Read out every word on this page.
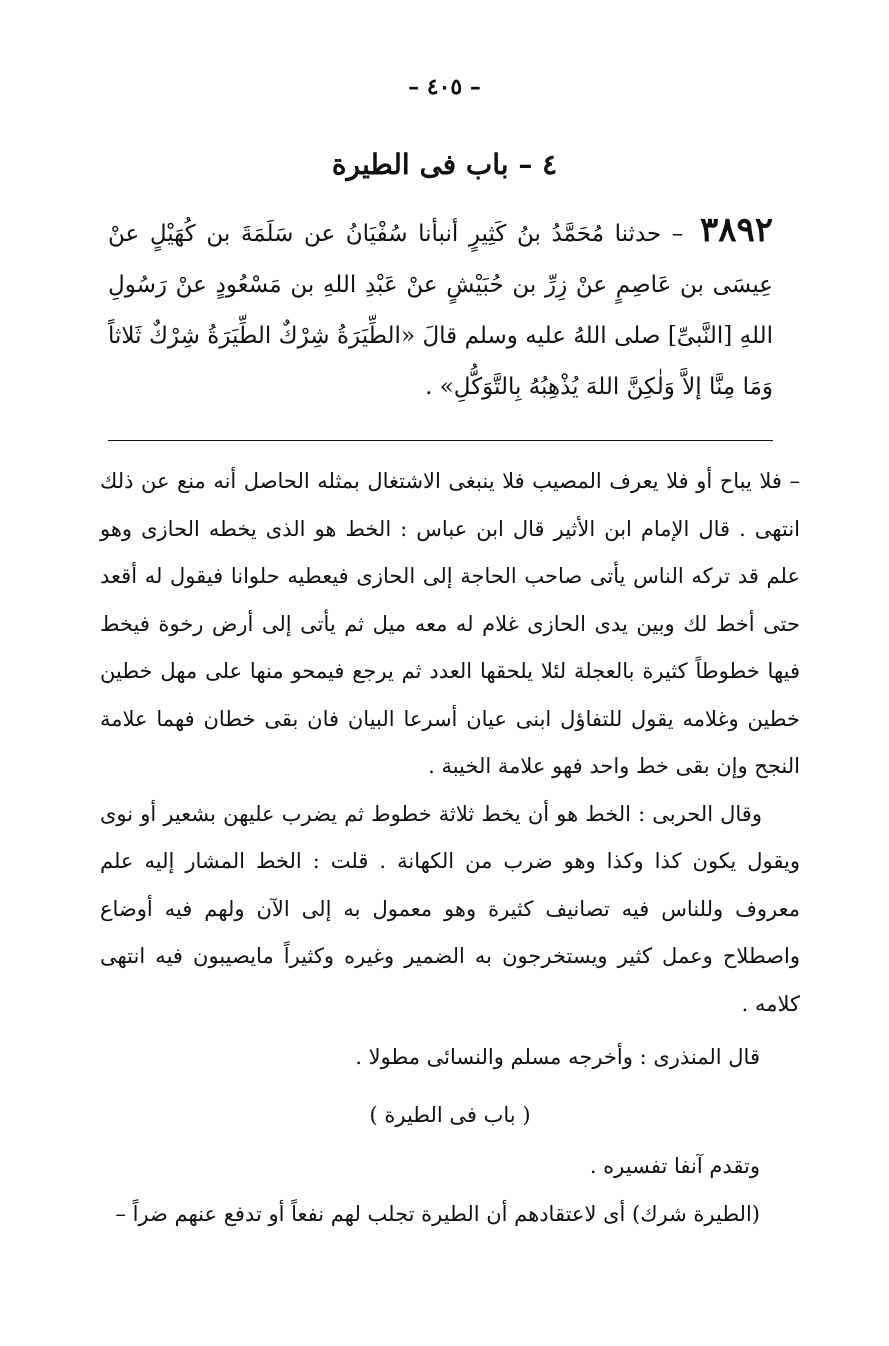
– ٤٠٥ –
٤ – باب فى الطيرة
٣٨٩٢ – حدثنا مُحَمَّدُ بنُ كَثِيرٍ أنبأنا سُفْيَانُ عن سَلَمَةَ بن كُهَيْلٍ عنْ عِيسَى بن عَاصِمٍ عنْ زِرِّ بن حُبَيْشٍ عنْ عَبْدِ اللهِ بن مَسْعُودٍ عنْ رَسُولِ اللهِ [النَّبىِّ] صلى اللهُ عليه وسلم قالَ «الطِّيَرَةُ شِرْكٌ الطِّيَرَةُ شِرْكٌ ثَلاثاً وَمَا مِنَّا إلاَّ وَلٰكِنَّ اللهَ يُذْهِبُهُ بِالتَّوَكُّلِ» .

– فلا يباح أو فلا يعرف المصيب فلا ينبغى الاشتغال بمثله الحاصل أنه منع عن ذلك انتهى . قال الإمام ابن الأثير قال ابن عباس : الخط هو الذى يخطه الحازى وهو علم قد تركه الناس يأتى صاحب الحاجة إلى الحازى فيعطيه حلوانا فيقول له أقعد حتى أخط لك وبين يدى الحازى غلام له معه ميل ثم يأتى إلى أرض رخوة فيخط فيها خطوطاً كثيرة بالعجلة لئلا يلحقها العدد ثم يرجع فيمحو منها على مهل خطين خطين وغلامه يقول للتفاؤل ابنى عيان أسرعا البيان فان بقى خطان فهما علامة النجح وإن بقى خط واحد فهو علامة الخيبة .

وقال الحربى : الخط هو أن يخط ثلاثة خطوط ثم يضرب عليهن بشعير أو نوى ويقول يكون كذا وكذا وهو ضرب من الكهانة . قلت : الخط المشار إليه علم معروف وللناس فيه تصانيف كثيرة وهو معمول به إلى الآن ولهم فيه أوضاع واصطلاح وعمل كثير ويستخرجون به الضمير وغيره وكثيراً مايصيبون فيه انتهى كلامه .

قال المنذرى : وأخرجه مسلم والنسائى مطولا .

( باب فى الطيرة )

وتقدم آنفا تفسيره .

(الطيرة شرك) أى لاعتقادهم أن الطيرة تجلب لهم نفعاً أو تدفع عنهم ضراً –
